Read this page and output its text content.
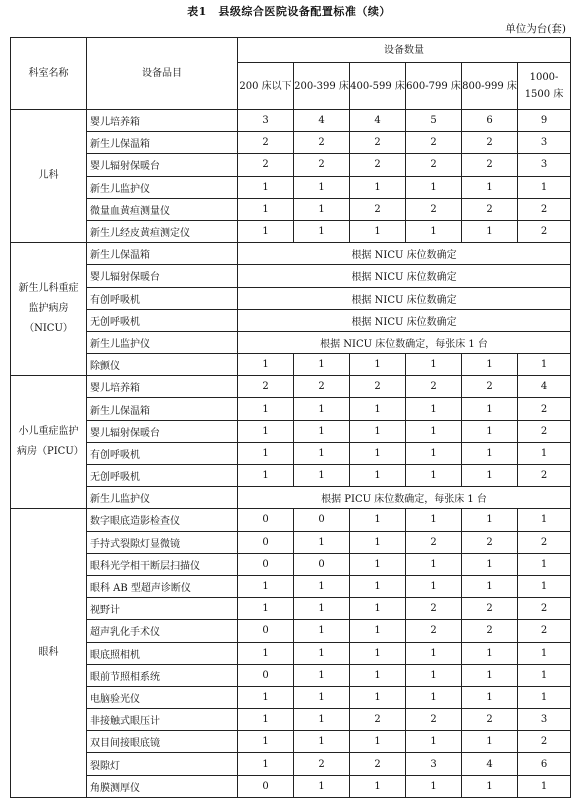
表1　县级综合医院设备配置标准（续）
单位为台(套)
科室名称	设备品目	设备数量					
		200 床以下	200-399 床	400-599 床	600-799 床	800-999 床	1000-1500 床
儿科	婴儿培养箱	3	4	4	5	6	9
	新生儿保温箱	2	2	2	2	2	3
	婴儿辐射保暖台	2	2	2	2	2	3
	新生儿监护仪	1	1	1	1	1	1
	微量血黄疸测量仪	1	1	2	2	2	2
	新生儿经皮黄疸测定仪	1	1	1	1	1	2
新生儿科重症监护病房（NICU）	新生儿保温箱	根据 NICU 床位数确定					
	婴儿辐射保暖台	根据 NICU 床位数确定					
	有创呼吸机	根据 NICU 床位数确定					
	无创呼吸机	根据 NICU 床位数确定					
	新生儿监护仪	根据 NICU 床位数确定，每张床 1 台					
	除颤仪	1	1	1	1	1	1
小儿重症监护病房（PICU）	婴儿培养箱	2	2	2	2	2	4
	新生儿保温箱	1	1	1	1	1	2
	婴儿辐射保暖台	1	1	1	1	1	2
	有创呼吸机	1	1	1	1	1	1
	无创呼吸机	1	1	1	1	1	2
	新生儿监护仪	根据 PICU 床位数确定，每张床 1 台					
眼科	数字眼底造影检查仪	0	0	1	1	1	1
	手持式裂隙灯显微镜	0	1	1	2	2	2
	眼科光学相干断层扫描仪	0	0	1	1	1	1
	眼科 AB 型超声诊断仪	1	1	1	1	1	1
	视野计	1	1	1	2	2	2
	超声乳化手术仪	0	1	1	2	2	2
	眼底照相机	1	1	1	1	1	1
	眼前节照相系统	0	1	1	1	1	1
	电脑验光仪	1	1	1	1	1	1
	非接触式眼压计	1	1	2	2	2	3
	双目间接眼底镜	1	1	1	1	1	2
	裂隙灯	1	2	2	3	4	6
	角膜测厚仪	0	1	1	1	1	1
